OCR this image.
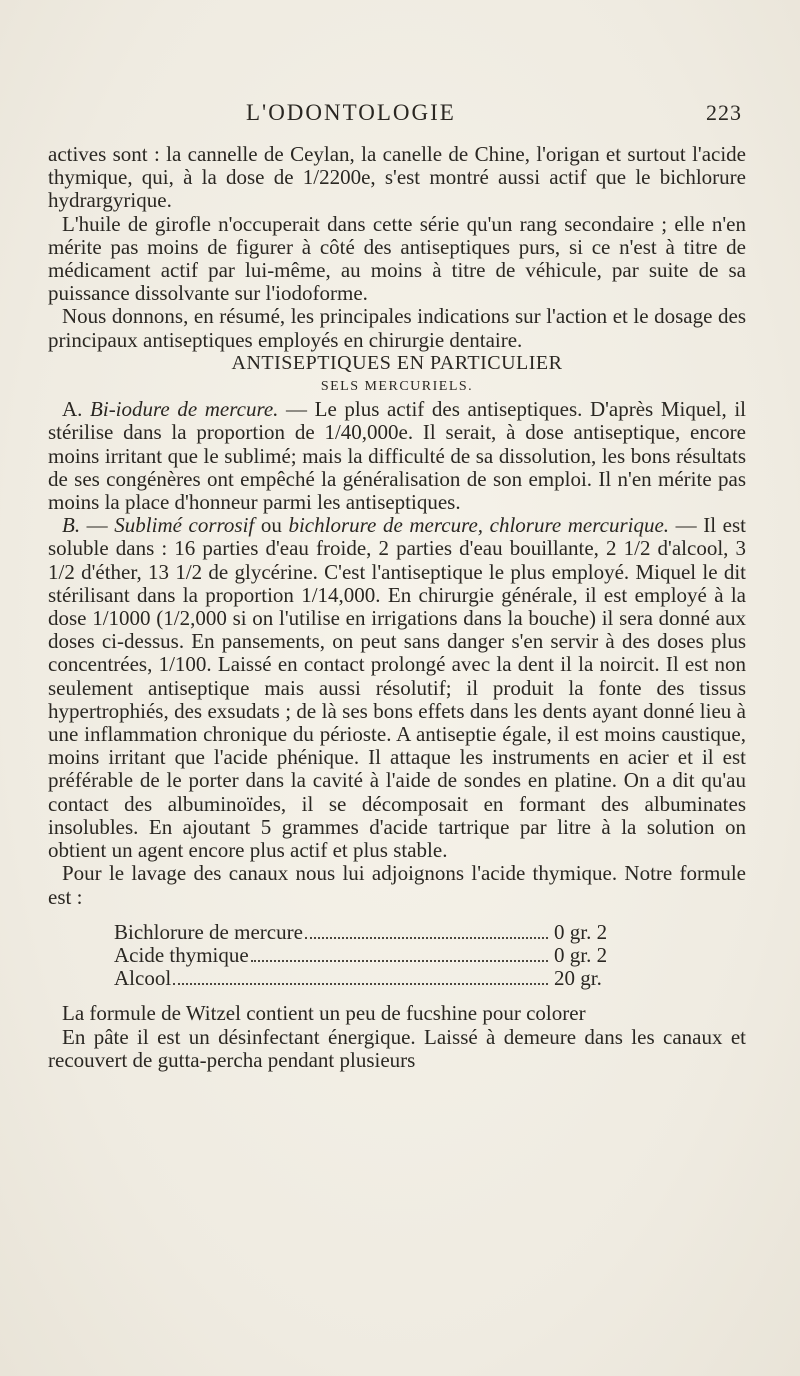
L'ODONTOLOGIE	223

actives sont : la cannelle de Ceylan, la canelle de Chine, l'origan et surtout l'acide thymique, qui, à la dose de 1/2200e, s'est montré aussi actif que le bichlorure hydrargyrique.

L'huile de girofle n'occuperait dans cette série qu'un rang secondaire ; elle n'en mérite pas moins de figurer à côté des antiseptiques purs, si ce n'est à titre de médicament actif par lui-même, au moins à titre de véhicule, par suite de sa puissance dissolvante sur l'iodoforme.

Nous donnons, en résumé, les principales indications sur l'action et le dosage des principaux antiseptiques employés en chirurgie dentaire.

ANTISEPTIQUES EN PARTICULIER

SELS MERCURIELS.

A. Bi-iodure de mercure. — Le plus actif des antiseptiques. D'après Miquel, il stérilise dans la proportion de 1/40,000e. Il serait, à dose antiseptique, encore moins irritant que le sublimé; mais la difficulté de sa dissolution, les bons résultats de ses congénères ont empêché la généralisation de son emploi. Il n'en mérite pas moins la place d'honneur parmi les antiseptiques.

B. — Sublimé corrosif ou bichlorure de mercure, chlorure mercurique. — Il est soluble dans : 16 parties d'eau froide, 2 parties d'eau bouillante, 2 1/2 d'alcool, 3 1/2 d'éther, 13 1/2 de glycérine. C'est l'antiseptique le plus employé. Miquel le dit stérilisant dans la proportion 1/14,000. En chirurgie générale, il est employé à la dose 1/1000 (1/2,000 si on l'utilise en irrigations dans la bouche) il sera donné aux doses ci-dessus. En pansements, on peut sans danger s'en servir à des doses plus concentrées, 1/100. Laissé en contact prolongé avec la dent il la noircit. Il est non seulement antiseptique mais aussi résolutif; il produit la fonte des tissus hypertrophiés, des exsudats ; de là ses bons effets dans les dents ayant donné lieu à une inflammation chronique du périoste. A antiseptie égale, il est moins caustique, moins irritant que l'acide phénique. Il attaque les instruments en acier et il est préférable de le porter dans la cavité à l'aide de sondes en platine. On a dit qu'au contact des albuminoïdes, il se décomposait en formant des albuminates insolubles. En ajoutant 5 grammes d'acide tartrique par litre à la solution on obtient un agent encore plus actif et plus stable.

Pour le lavage des canaux nous lui adjoignons l'acide thymique. Notre formule est :

Bichlorure de mercure	0 gr. 2
Acide thymique	0 gr. 2
Alcool	20 gr.

La formule de Witzel contient un peu de fucshine pour colorer

En pâte il est un désinfectant énergique. Laissé à demeure dans les canaux et recouvert de gutta-percha pendant plusieurs
